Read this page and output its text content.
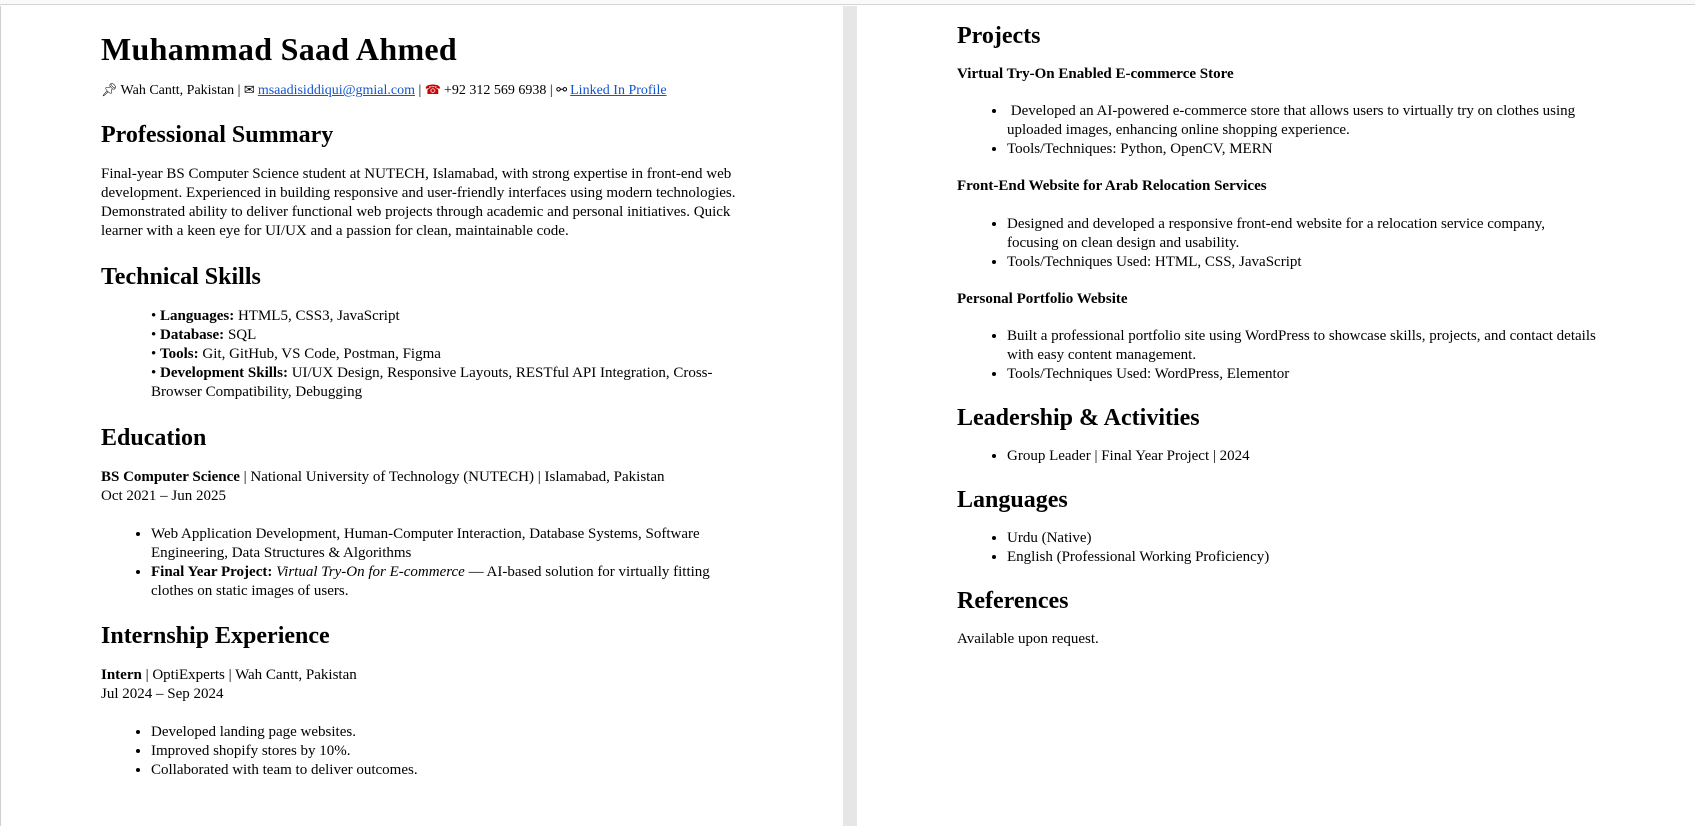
Muhammad Saad Ahmed
📌︎ Wah Cantt, Pakistan | ✉︎ msaadisiddiqui@gmial.com | ☎︎ +92 312 569 6938 | ⚯ Linked In Profile
Professional Summary

Final-year BS Computer Science student at NUTECH, Islamabad, with strong expertise in front-end web development. Experienced in building responsive and user-friendly interfaces using modern technologies. Demonstrated ability to deliver functional web projects through academic and personal initiatives. Quick learner with a keen eye for UI/UX and a passion for clean, maintainable code.

Technical Skills
• Languages: HTML5, CSS3, JavaScript
• Database: SQL
• Tools: Git, GitHub, VS Code, Postman, Figma
• Development Skills: UI/UX Design, Responsive Layouts, RESTful API Integration, Cross-Browser Compatibility, Debugging
Education
BS Computer Science | National University of Technology (NUTECH) | Islamabad, Pakistan
Oct 2021 – Jun 2025
• Web Application Development, Human-Computer Interaction, Database Systems, Software Engineering, Data Structures & Algorithms
• Final Year Project: Virtual Try-On for E-commerce — AI-based solution for virtually fitting clothes on static images of users.
Internship Experience
Intern | OptiExperts | Wah Cantt, Pakistan
Jul 2024 – Sep 2024
• Developed landing page websites.
• Improved shopify stores by 10%.
• Collaborated with team to deliver outcomes.
Projects
Virtual Try-On Enabled E-commerce Store
•  Developed an AI-powered e-commerce store that allows users to virtually try on clothes using uploaded images, enhancing online shopping experience.
• Tools/Techniques: Python, OpenCV, MERN
Front-End Website for Arab Relocation Services
• Designed and developed a responsive front-end website for a relocation service company, focusing on clean design and usability.
• Tools/Techniques Used: HTML, CSS, JavaScript
Personal Portfolio Website
• Built a professional portfolio site using WordPress to showcase skills, projects, and contact details with easy content management.
• Tools/Techniques Used: WordPress, Elementor
Leadership & Activities
• Group Leader | Final Year Project | 2024
Languages
• Urdu (Native)
• English (Professional Working Proficiency)
References

Available upon request.
